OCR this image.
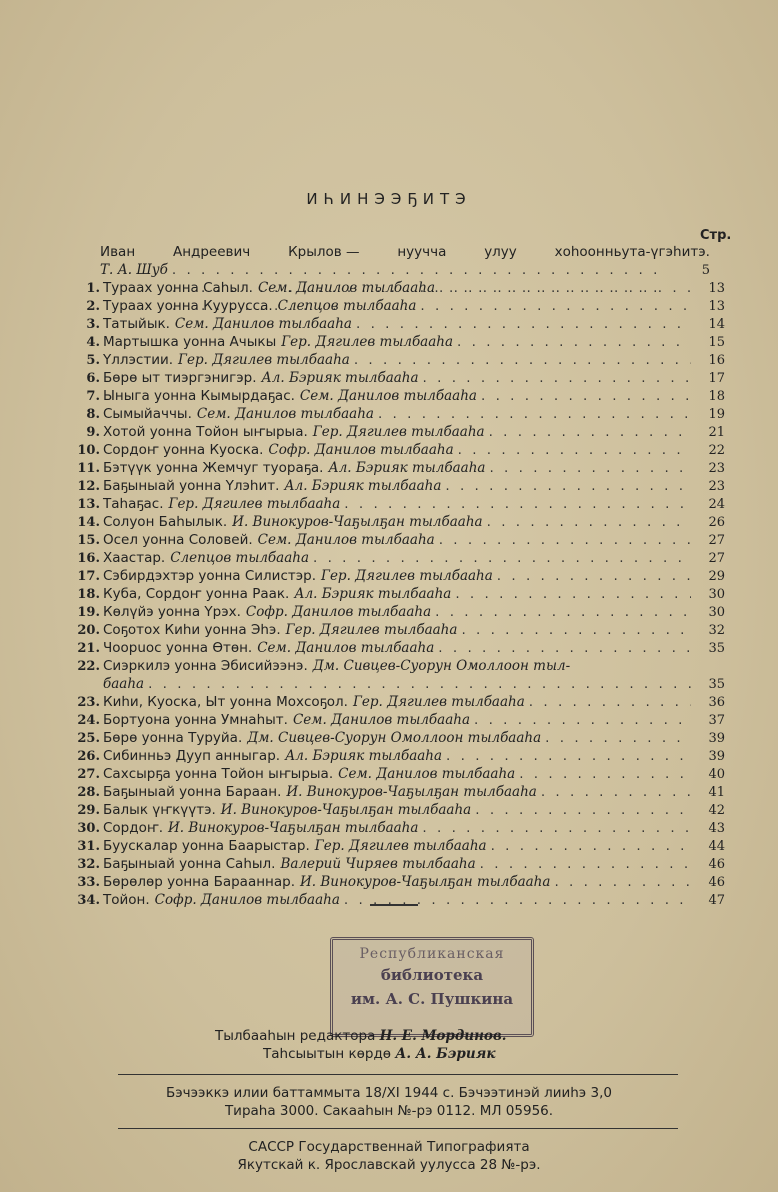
ИҺИНЭЭҔИТЭ
Стр.
Иван	Андреевич	Крылов —	нуучча	улуу	хоһоонньута-үгэһитэ.
Т. А. Шуб . . .	5
1. Тураах уонна Саһыл. Сем. Данилов тылбааһа . . .	13
2. Тураах уонна Куурусса. Слепцов тылбааһа . . .	13
3. Татыйык. Сем. Данилов тылбааһа . . .	14
4. Мартышка уонна Ачыкы Гер. Дягилев тылбааһа . . .	15
5. Үллэстии. Гер. Дягилев тылбааһа . . .	16
6. Бөрө ыт тиэргэнигэр. Ал. Бэрияк тылбааһа . . .	17
7. Ыныгa уонна Кымырдаҕас. Сем. Данилов тылбааһа . . .	18
8. Сымыйаччы. Сем. Данилов тылбааһа . . .	19
9. Хотой уонна Тойон ыҥырыа. Гер. Дягилев тылбааһа . . .	21
10. Сордоҥ уонна Куоска. Софр. Данилов тылбааһа . . .	22
11. Бэтүүк уонна Жемчуг туораҕа. Ал. Бэрияк тылбааһа . . .	23
12. Баҕыныай уонна Үлэһит. Ал. Бэрияк тылбааһа . . .	23
13. Таһаҕас. Гер. Дягилев тылбааһа . . .	24
14. Солуон Баһылык. И. Винокуров-Чаҕылҕан тылбааһа . . .	26
15. Осел уонна Соловей. Сем. Данилов тылбааһа . . .	27
16. Хаастар. Слепцов тылбааһа . . .	27
17. Сэбирдэхтэр уонна Силистэр. Гер. Дягилев тылбааһа . . .	29
18. Куба, Сордоҥ уонна Раак. Ал. Бэрияк тылбааһа . . .	30
19. Көлүйэ уонна Үрэх. Софр. Данилов тылбааһа . . .	30
20. Соҕотох Киһи уонна Эһэ. Гер. Дягилев тылбааһа . . .	32
21. Чоорuос уонна Өтөн. Сем. Данилов тылбааһа . . .	35
22. Сиэркилэ уонна Эбисийээнэ. Дм. Сивцев-Суорун Омоллоон тыл-
бааһа . . .	35
23. Киһи, Куоска, Ыт уонна Мохсоҕол. Гер. Дягилев тылбааһа . . .	36
24. Бортуона уонна Умнаһыт. Сем. Данилов тылбааһа . . .	37
25. Бөрө уонна Туруйа. Дм. Сивцев-Суорун Омоллоон тылбааһа . . .	39
26. Сибинньэ Дууп анныгар. Ал. Бэрияк тылбааһа . . .	39
27. Сахсырҕа уонна Тойон ыҥырыа. Сем. Данилов тылбааһа . . .	40
28. Баҕыныай уонна Бараан. И. Винокуров-Чаҕылҕан тылбааһа . . .	41
29. Балык үҥкүүтэ. И. Винокуров-Чаҕылҕан тылбааһа . . .	42
30. Сордоҥ. И. Винокуров-Чаҕылҕан тылбааһа . . .	43
31. Бууcкалар уонна Баарыстар. Гер. Дягилев тылбааһа . . .	44
32. Баҕыныай уонна Саһыл. Валерий Чиряев тылбааһа . . .	46
33. Бөрөлөр уонна Барааннар. И. Винокуров-Чаҕылҕан тылбааһа . . .	46
34. Тойон. Софр. Данилов тылбааһа . . .	47
Республиканская
библиотека
им. А. С. Пушкина
Тылбааһын редактора Н. Е. Мординов.
Таһсыытын көрдө А. А. Бэрияк
Бэчээккэ илии баттаммыта 18/XI 1944 с. Бэчээтинэй лииһэ 3,0
Тираһа 3000. Сакааһын №-рэ 0112. МЛ 05956.
САССР Государственнай Типографията
Якутскай к. Ярославскай уулусса 28 №-рэ.
